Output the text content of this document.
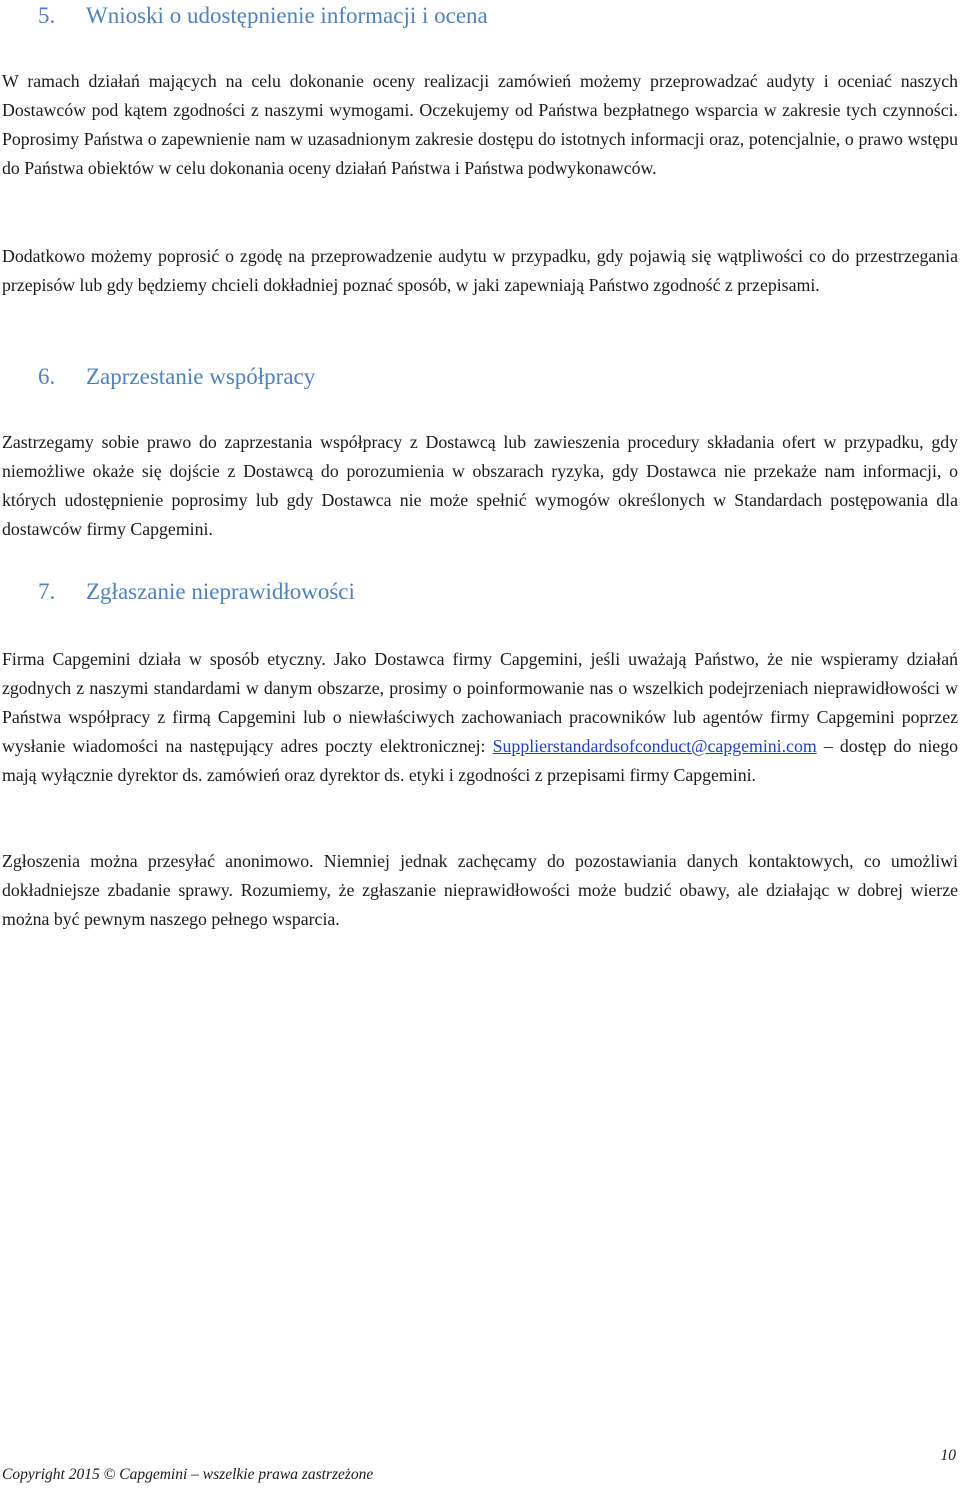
5. Wnioski o udostępnienie informacji i ocena

W ramach działań mających na celu dokonanie oceny realizacji zamówień możemy przeprowadzać audyty i oceniać naszych Dostawców pod kątem zgodności z naszymi wymogami. Oczekujemy od Państwa bezpłatnego wsparcia w zakresie tych czynności. Poprosimy Państwa o zapewnienie nam w uzasadnionym zakresie dostępu do istotnych informacji oraz, potencjalnie, o prawo wstępu do Państwa obiektów w celu dokonania oceny działań Państwa i Państwa podwykonawców.

Dodatkowo możemy poprosić o zgodę na przeprowadzenie audytu w przypadku, gdy pojawią się wątpliwości co do przestrzegania przepisów lub gdy będziemy chcieli dokładniej poznać sposób, w jaki zapewniają Państwo zgodność z przepisami.

6. Zaprzestanie współpracy

Zastrzegamy sobie prawo do zaprzestania współpracy z Dostawcą lub zawieszenia procedury składania ofert w przypadku, gdy niemożliwe okaże się dojście z Dostawcą do porozumienia w obszarach ryzyka, gdy Dostawca nie przekaże nam informacji, o których udostępnienie poprosimy lub gdy Dostawca nie może spełnić wymogów określonych w Standardach postępowania dla dostawców firmy Capgemini.

7. Zgłaszanie nieprawidłowości

Firma Capgemini działa w sposób etyczny. Jako Dostawca firmy Capgemini, jeśli uważają Państwo, że nie wspieramy działań zgodnych z naszymi standardami w danym obszarze, prosimy o poinformowanie nas o wszelkich podejrzeniach nieprawidłowości w Państwa współpracy z firmą Capgemini lub o niewłaściwych zachowaniach pracowników lub agentów firmy Capgemini poprzez wysłanie wiadomości na następujący adres poczty elektronicznej: Supplierstandardsofconduct@capgemini.com – dostęp do niego mają wyłącznie dyrektor ds. zamówień oraz dyrektor ds. etyki i zgodności z przepisami firmy Capgemini.

Zgłoszenia można przesyłać anonimowo. Niemniej jednak zachęcamy do pozostawiania danych kontaktowych, co umożliwi dokładniejsze zbadanie sprawy. Rozumiemy, że zgłaszanie nieprawidłowości może budzić obawy, ale działając w dobrej wierze można być pewnym naszego pełnego wsparcia.

10
Copyright 2015 © Capgemini – wszelkie prawa zastrzeżone
